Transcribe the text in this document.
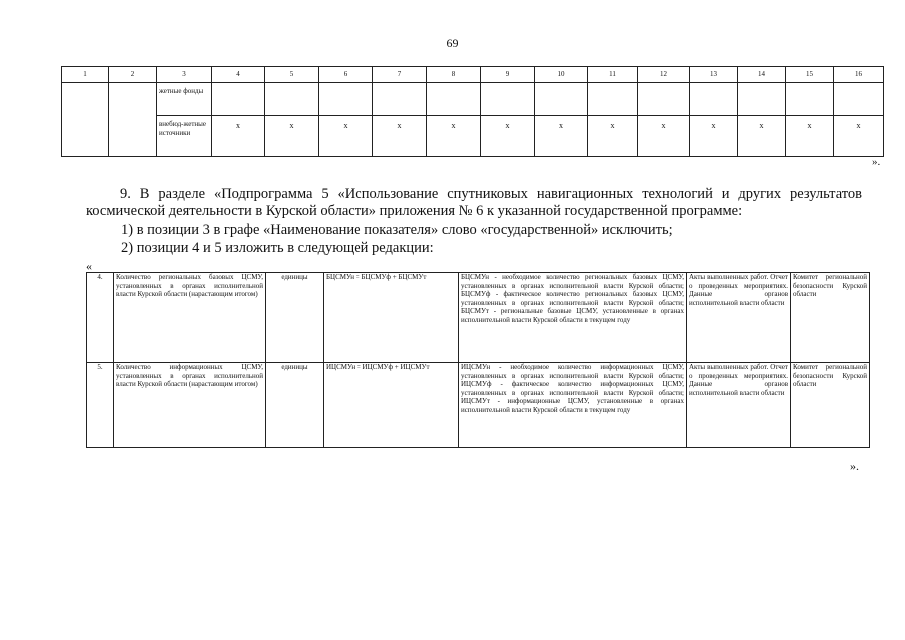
69
1	2	3	4	5	6	7	8	9	10	11	12	13	14	15	16
		жетные фонды													
		внебюд-жетные источники	х	х	х	х	х	х	х	х	х	х	х	х	х
».
9. В разделе «Подпрограмма 5 «Использование спутниковых навигационных технологий и других результатов космической деятельности в Курской области» приложения № 6 к указанной государственной программе:
1) в позиции 3 в графе «Наименование показателя» слово «государственной» исключить;
2) позиции 4 и 5 изложить в следующей редакции:
«
4.	Количество региональных базовых ЦСМУ, установленных в органах исполнительной власти Курской области (нарастающим итогом)	единицы	БЦСМУн = БЦСМУф + БЦСМУт	БЦСМУн - необходимое количество региональных базовых ЦСМУ, установленных в органах исполнительной власти Курской области; БЦСМУф - фактическое количество региональных базовых ЦСМУ, установленных в органах исполнительной власти Курской области; БЦСМУт - региональные базовые ЦСМУ, установленные в органах исполнительной власти Курской области в текущем году	Акты выполненных работ. Отчет о проведенных мероприятиях. Данные органов исполнительной власти области	Комитет региональной безопасности Курской области
5.	Количество информационных ЦСМУ, установленных в органах исполнительной власти Курской области (нарастающим итогом)	единицы	ИЦСМУн = ИЦСМУф + ИЦСМУт	ИЦСМУн - необходимое количество информационных ЦСМУ, установленных в органах исполнительной власти Курской области; ИЦСМУф - фактическое количество информационных ЦСМУ, установленных в органах исполнительной власти Курской области; ИЦСМУт - информационные ЦСМУ, установленные в органах исполнительной власти Курской области в текущем году	Акты выполненных работ. Отчет о проведенных мероприятиях. Данные органов исполнительной власти области	Комитет региональной безопасности Курской области
».
